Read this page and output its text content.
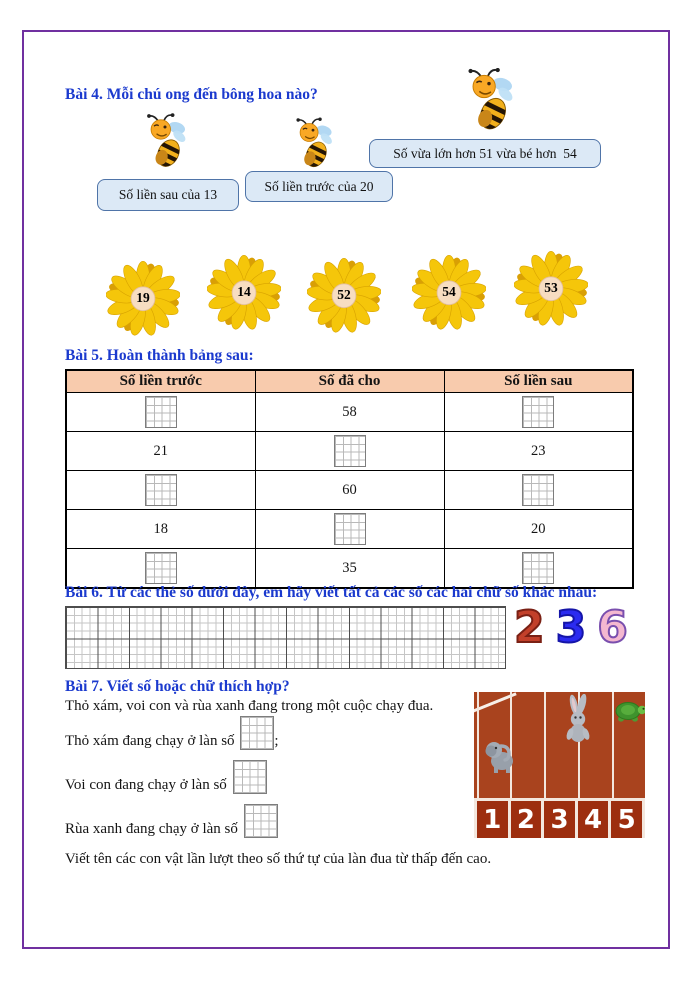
Bài 4. Mỗi chú ong đến bông hoa nào?
Số liền sau của 13
Số liền trước của 20
Số vừa lớn hơn 51 vừa bé hơn  54
19	14	52	54	53
Bài 5. Hoàn thành bảng sau:
Số liền trước	Số đã cho	Số liền sau
	58	
21		23
	60	
18		20
	35	
Bài 6. Từ các thẻ số dưới đây, em hãy viết tất cả các số các hai chữ số khác nhau:
2 3 6
Bài 7. Viết số hoặc chữ thích hợp?
Thỏ xám, voi con và rùa xanh đang trong một cuộc chạy đua.
Thỏ xám đang chạy ở làn số ;
Voi con đang chạy ở làn số
Rùa xanh đang chạy ở làn số
Viết tên các con vật lần lượt theo số thứ tự của làn đua từ thấp đến cao.
1 2 3 4 5
